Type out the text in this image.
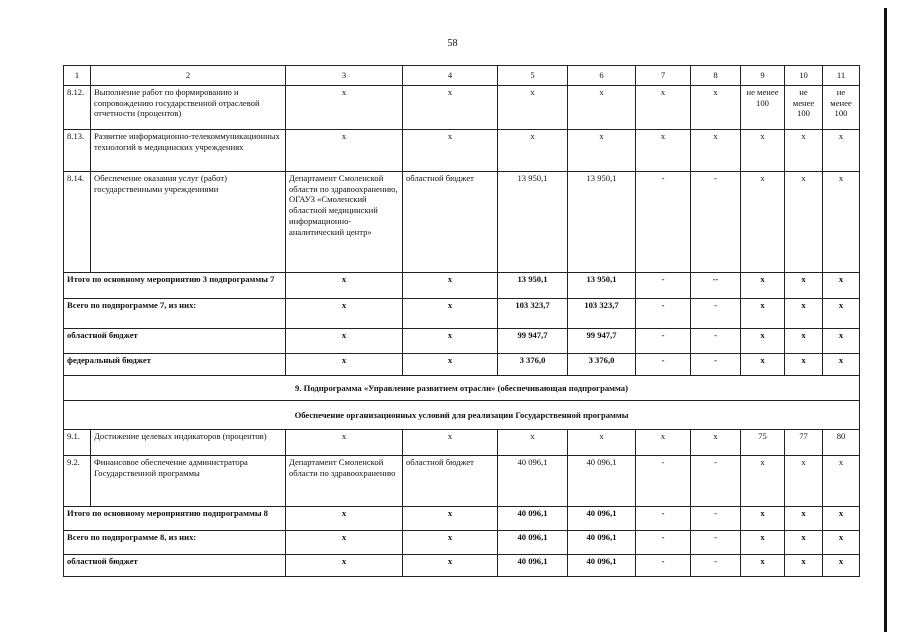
58
1	2	3	4	5	6	7	8	9	10	11
8.12.	Выполнение работ по формированию и сопровождению государственной отраслевой отчетности (процентов)	х	х	х	х	х	х	не менее 100	не менее 100	не менее 100
8.13.	Развитие информационно-телекоммуникационных технологий в медицинских учреждениях	х	х	х	х	х	х	х	х	х
8.14.	Обеспечение оказания услуг (работ) государственными учреждениями	Департамент Смоленской области по здравоохранению, ОГАУЗ «Смоленский областной медицинский информационно-аналитический центр»	областной бюджет	13 950,1	13 950,1	-	-	х	х	х
Итого по основному мероприятию 3 подпрограммы 7		х	х	13 950,1	13 950,1	-	--	х	х	х
Всего по подпрограмме 7, из них:		х	х	103 323,7	103 323,7	-	-	х	х	х
областной бюджет		х	х	99 947,7	99 947,7	-	-	х	х	х
федеральный бюджет		х	х	3 376,0	3 376,0	-	-	х	х	х
9. Подпрограмма «Управление развитием отрасли» (обеспечивающая подпрограмма)										
Обеспечение организационных условий для реализации Государственной программы										
9.1.	Достижение целевых индикаторов (процентов)	х	х	х	х	х	х	75	77	80
9.2.	Финансовое обеспечение администратора Государственной программы	Департамент Смоленской области по здравоохранению	областной бюджет	40 096,1	40 096,1	-	-	х	х	х
Итого по основному мероприятию подпрограммы 8		х	х	40 096,1	40 096,1	-	-	х	х	х
Всего по подпрограмме 8, из них:		х	х	40 096,1	40 096,1	-	-	х	х	х
областной бюджет		х	х	40 096,1	40 096,1	-	-	х	х	х
